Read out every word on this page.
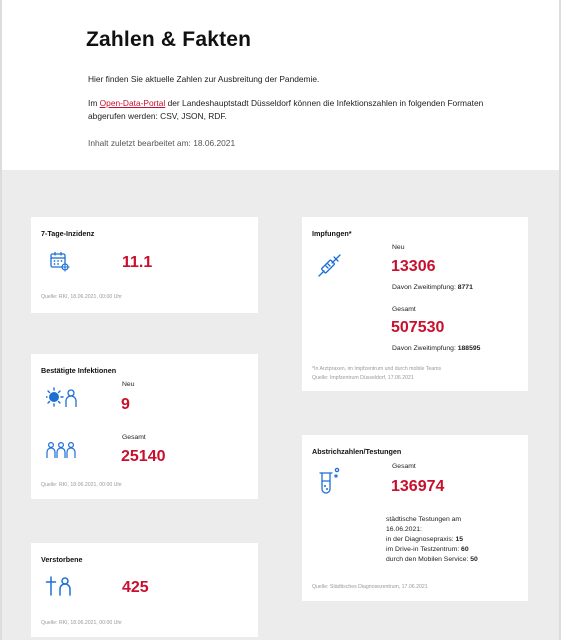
Zahlen & Fakten
Hier finden Sie aktuelle Zahlen zur Ausbreitung der Pandemie.
Im Open-Data-Portal der Landeshauptstadt Düsseldorf können die Infektionszahlen in folgenden Formaten abgerufen werden: CSV, JSON, RDF.
Inhalt zuletzt bearbeitet am: 18.06.2021
7-Tage-Inzidenz
11.1
Quelle: RKI, 18.06.2021, 00:00 Uhr
Impfungen*
Neu
13306
Davon Zweitimpfung: 8771
Gesamt
507530
Davon Zweitimpfung: 188595
*In Arztpraxen, im Impfzentrum und durch mobile Teams
Quelle: Impfzentrum Düsseldorf, 17.06.2021
Bestätigte Infektionen
Neu
9
Gesamt
25140
Quelle: RKI, 18.06.2021, 00:00 Uhr
Abstrichzahlen/Testungen
Gesamt
136974
städtische Testungen am
16.06.2021:
in der Diagnosepraxis: 15
im Drive-in Testzentrum: 60
durch den Mobilen Service: 50
Quelle: Städtisches Diagnosezentrum, 17.06.2021
Verstorbene
425
Quelle: RKI, 18.06.2021, 00:00 Uhr
